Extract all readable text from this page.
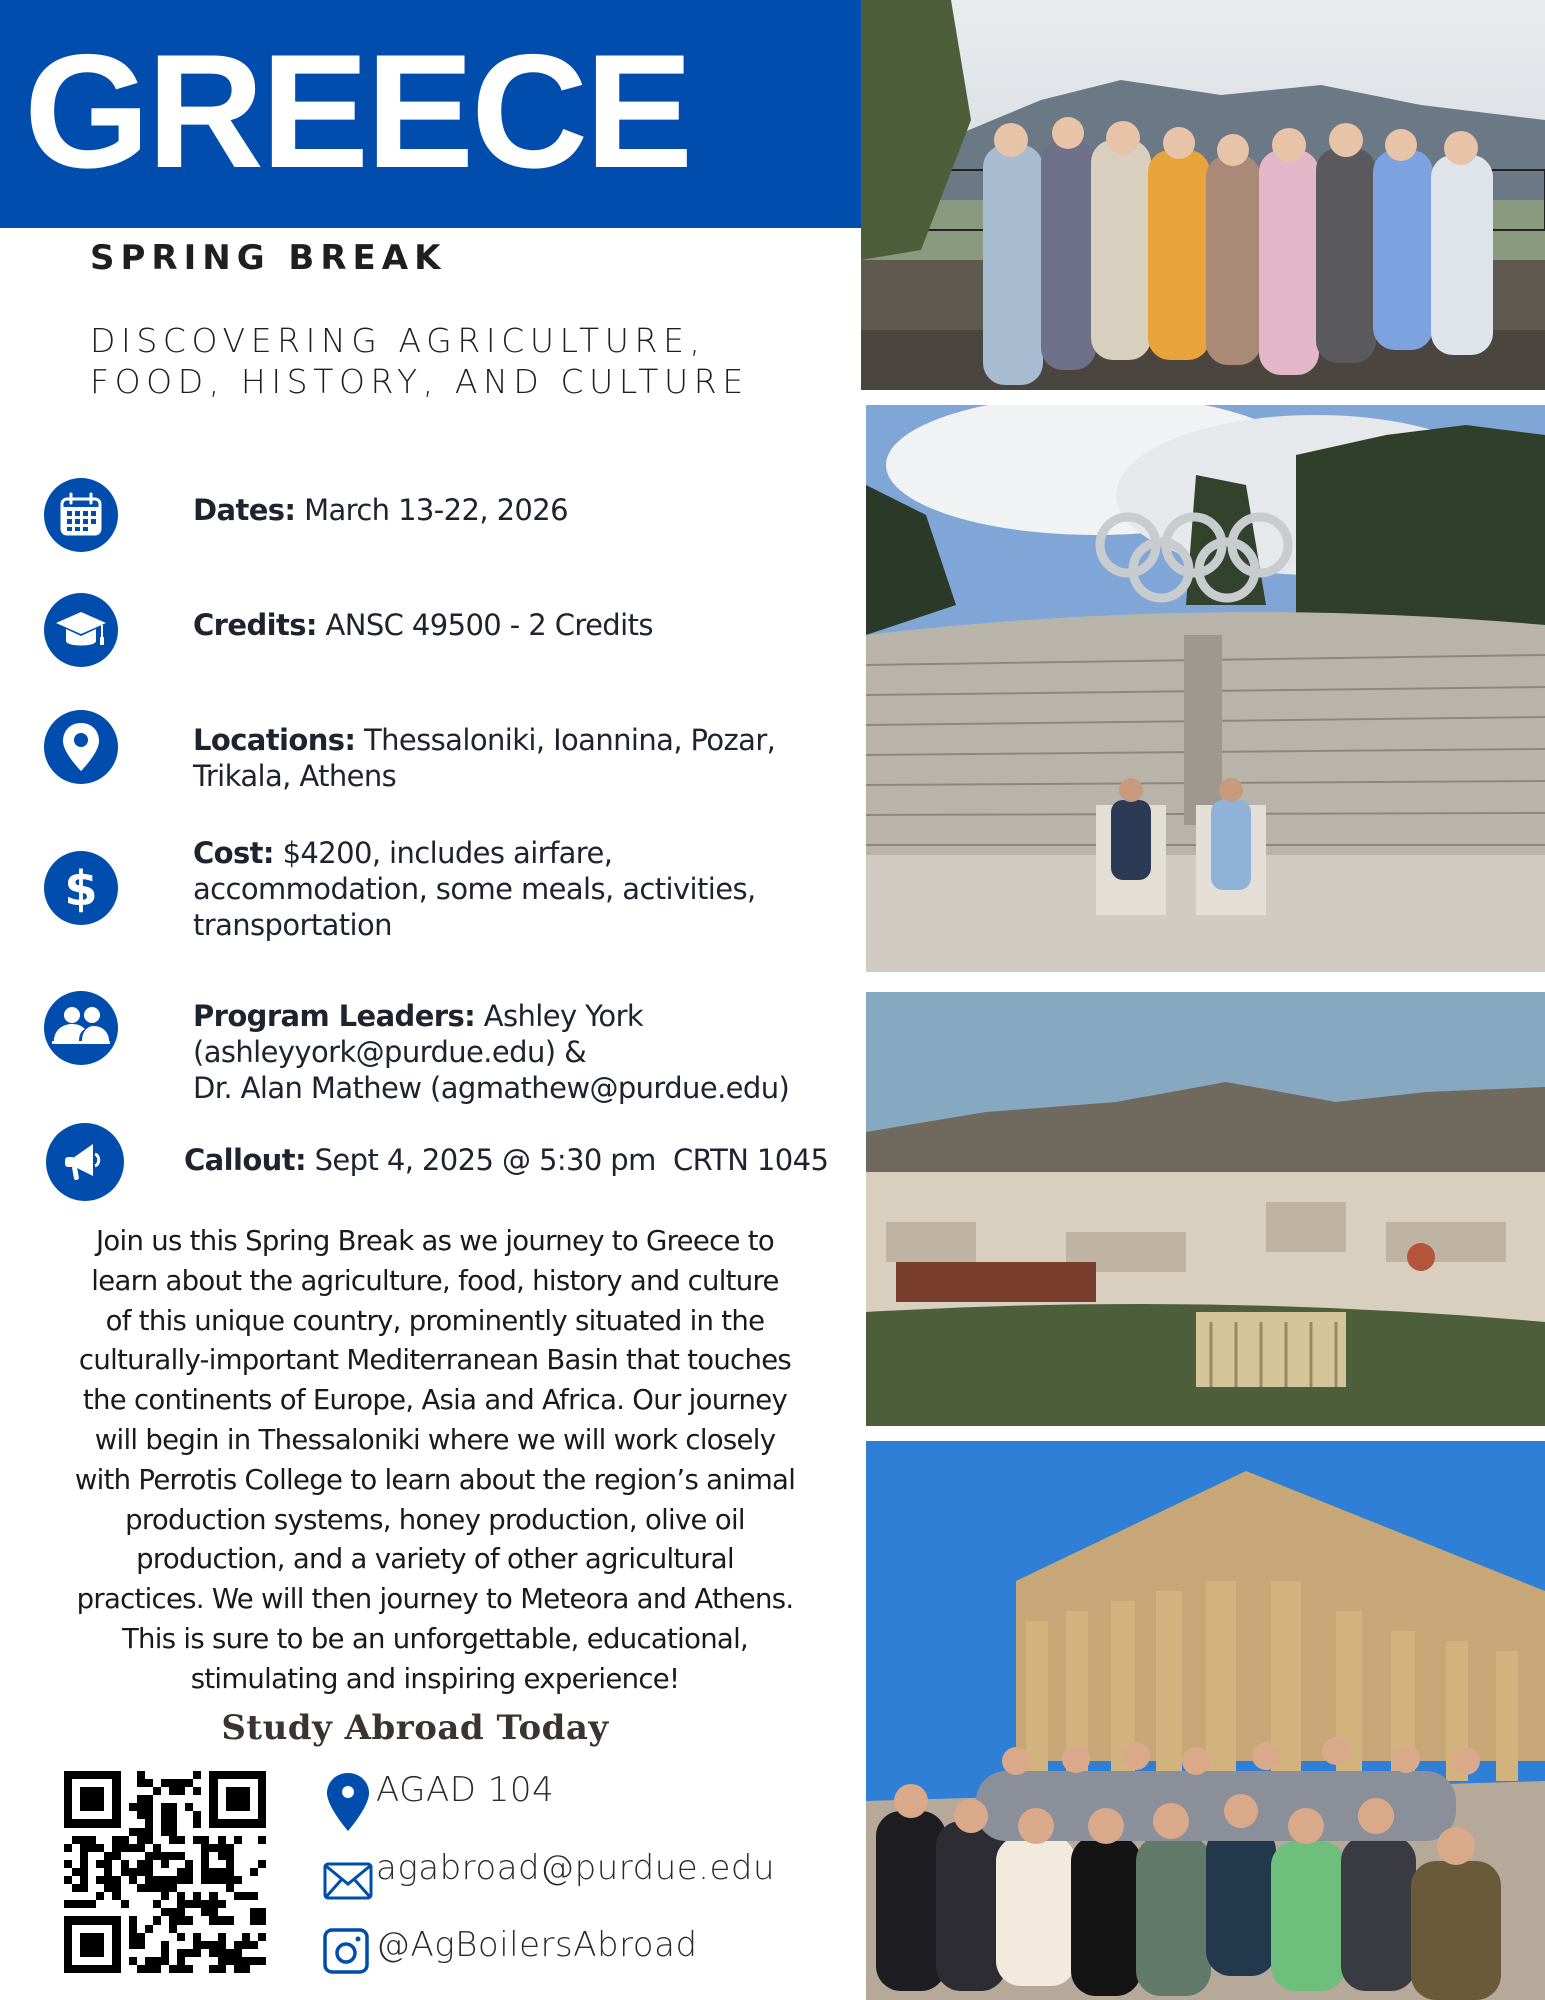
GREECE
SPRING BREAK
DISCOVERING AGRICULTURE,
FOOD, HISTORY, AND CULTURE
Dates: March 13-22, 2026
Credits: ANSC 49500 - 2 Credits
Locations: Thessaloniki, Ioannina, Pozar,
Trikala, Athens
$
Cost: $4200, includes airfare,
accommodation, some meals, activities,
transportation
Program Leaders: Ashley York
(ashleyyork@purdue.edu) &
Dr. Alan Mathew (agmathew@purdue.edu)
Callout: Sept 4, 2025 @ 5:30 pm  CRTN 1045
Join us this Spring Break as we journey to Greece to
learn about the agriculture, food, history and culture
of this unique country, prominently situated in the
culturally-important Mediterranean Basin that touches
the continents of Europe, Asia and Africa. Our journey
will begin in Thessaloniki where we will work closely
with Perrotis College to learn about the region’s animal
production systems, honey production, olive oil
production, and a variety of other agricultural
practices. We will then journey to Meteora and Athens.
This is sure to be an unforgettable, educational,
stimulating and inspiring experience!
Study Abroad Today
AGAD 104
agabroad@purdue.edu
@AgBoilersAbroad
